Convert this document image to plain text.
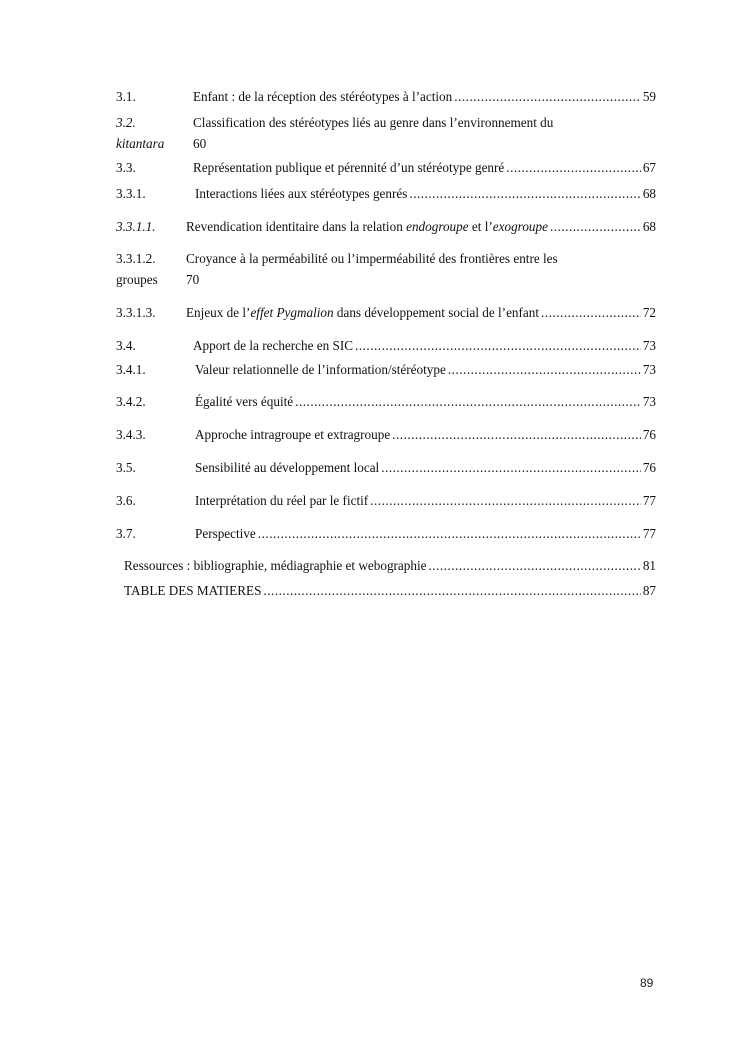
3.1.	Enfant : de la réception des stéréotypes à l’action .....	59
3.2.	Classification des stéréotypes liés au genre dans l’environnement du
kitantara	60
3.3.	Représentation publique et pérennité d’un stéréotype genré .....	67
3.3.1.	Interactions liées aux stéréotypes genrés .....	68
3.3.1.1.	Revendication identitaire dans la relation endogroupe et l’exogroupe .....	68
3.3.1.2.	Croyance à la perméabilité ou l’imperméabilité des frontières entre les
groupes	70
3.3.1.3.	Enjeux de l’effet Pygmalion dans développement social de l’enfant .....	72
3.4.	Apport de la recherche en SIC .....	73
3.4.1.	Valeur relationnelle de l’information/stéréotype .....	73
3.4.2.	Égalité vers équité .....	73
3.4.3.	Approche intragroupe et extragroupe .....	76
3.5.	Sensibilité au développement local .....	76
3.6.	Interprétation du réel par le fictif .....	77
3.7.	Perspective .....	77
Ressources : bibliographie, médiagraphie et webographie .....	81
TABLE DES MATIERES .....	87
89
